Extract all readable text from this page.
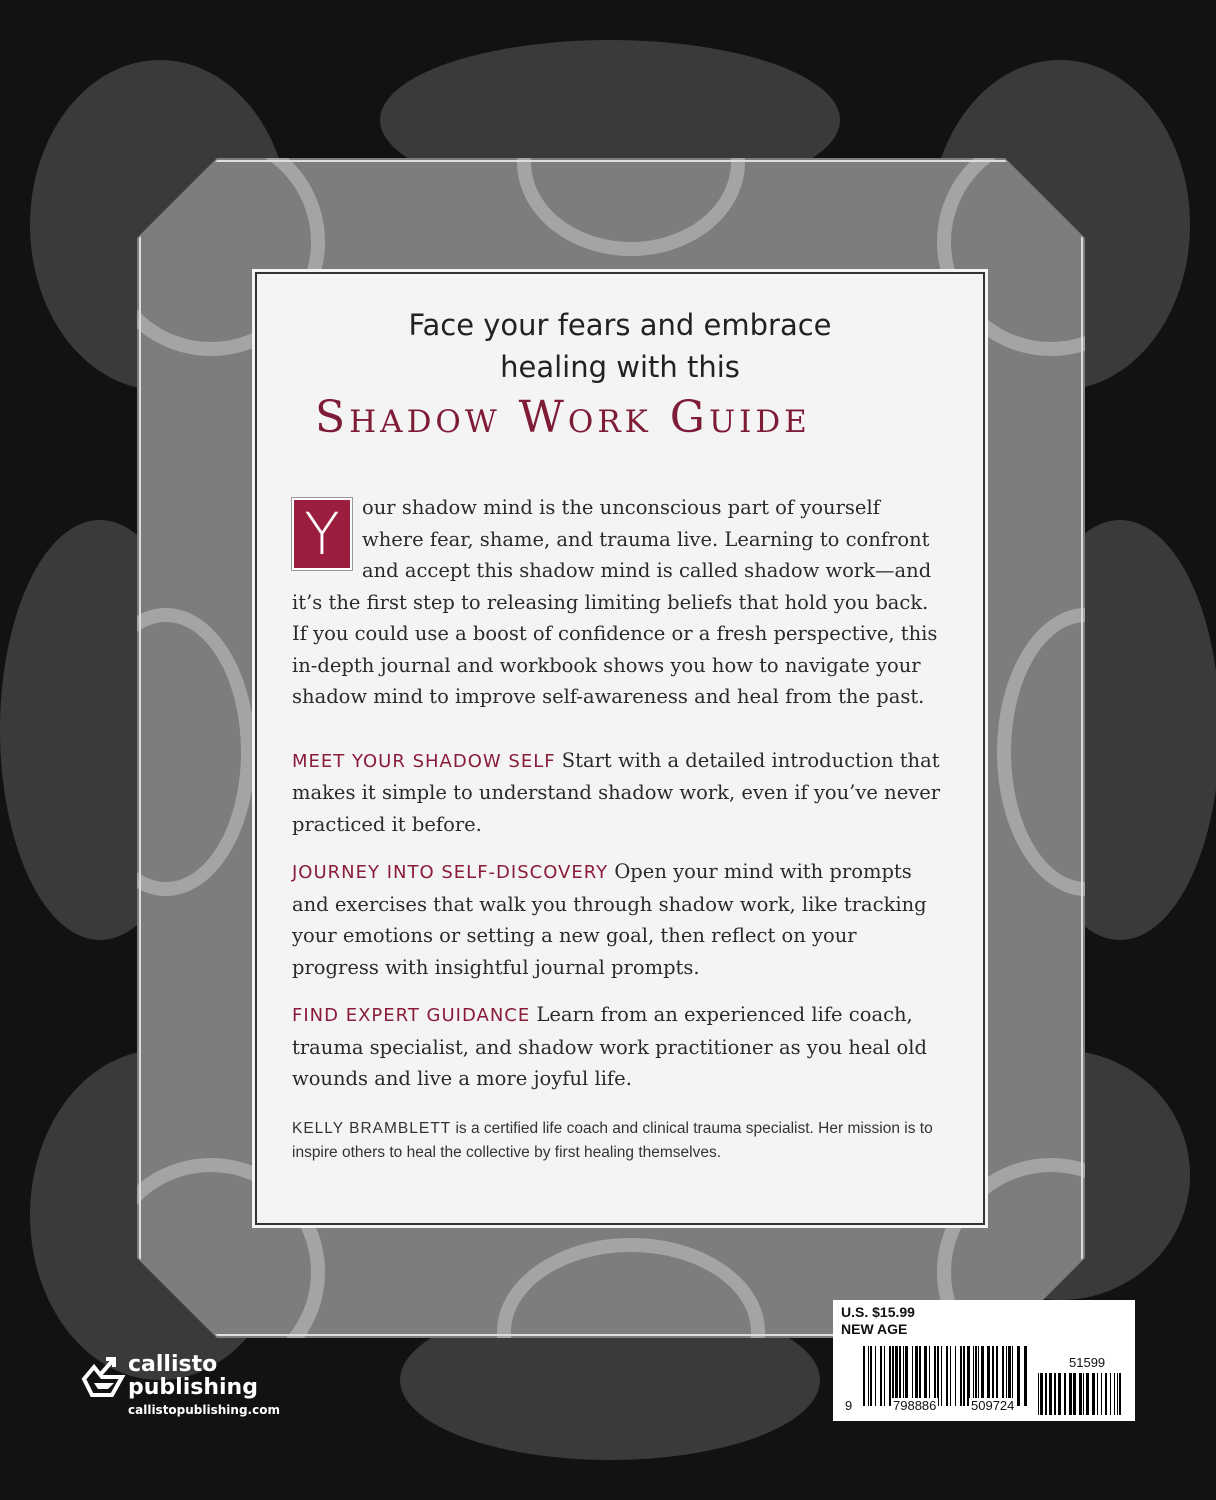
Face your fears and embrace
healing with this
Shadow Work Guide
Y	our shadow mind is the unconscious part of yourself where fear, shame, and trauma live. Learning to confront and accept this shadow mind is called shadow work—and it’s the first step to releasing limiting beliefs that hold you back. If you could use a boost of confidence or a fresh perspective, this in-depth journal and workbook shows you how to navigate your shadow mind to improve self-awareness and heal from the past.
MEET YOUR SHADOW SELF Start with a detailed introduction that makes it simple to understand shadow work, even if you’ve never practiced it before.
JOURNEY INTO SELF-DISCOVERY Open your mind with prompts and exercises that walk you through shadow work, like tracking your emotions or setting a new goal, then reflect on your progress with insightful journal prompts.
FIND EXPERT GUIDANCE Learn from an experienced life coach, trauma specialist, and shadow work practitioner as you heal old wounds and live a more joyful life.
KELLY BRAMBLETT is a certified life coach and clinical trauma specialist. Her mission is to inspire others to heal the collective by first healing themselves.
callisto
publishing
callistopublishing.com
U.S. $15.99
NEW AGE
9	798886	509724
51599
